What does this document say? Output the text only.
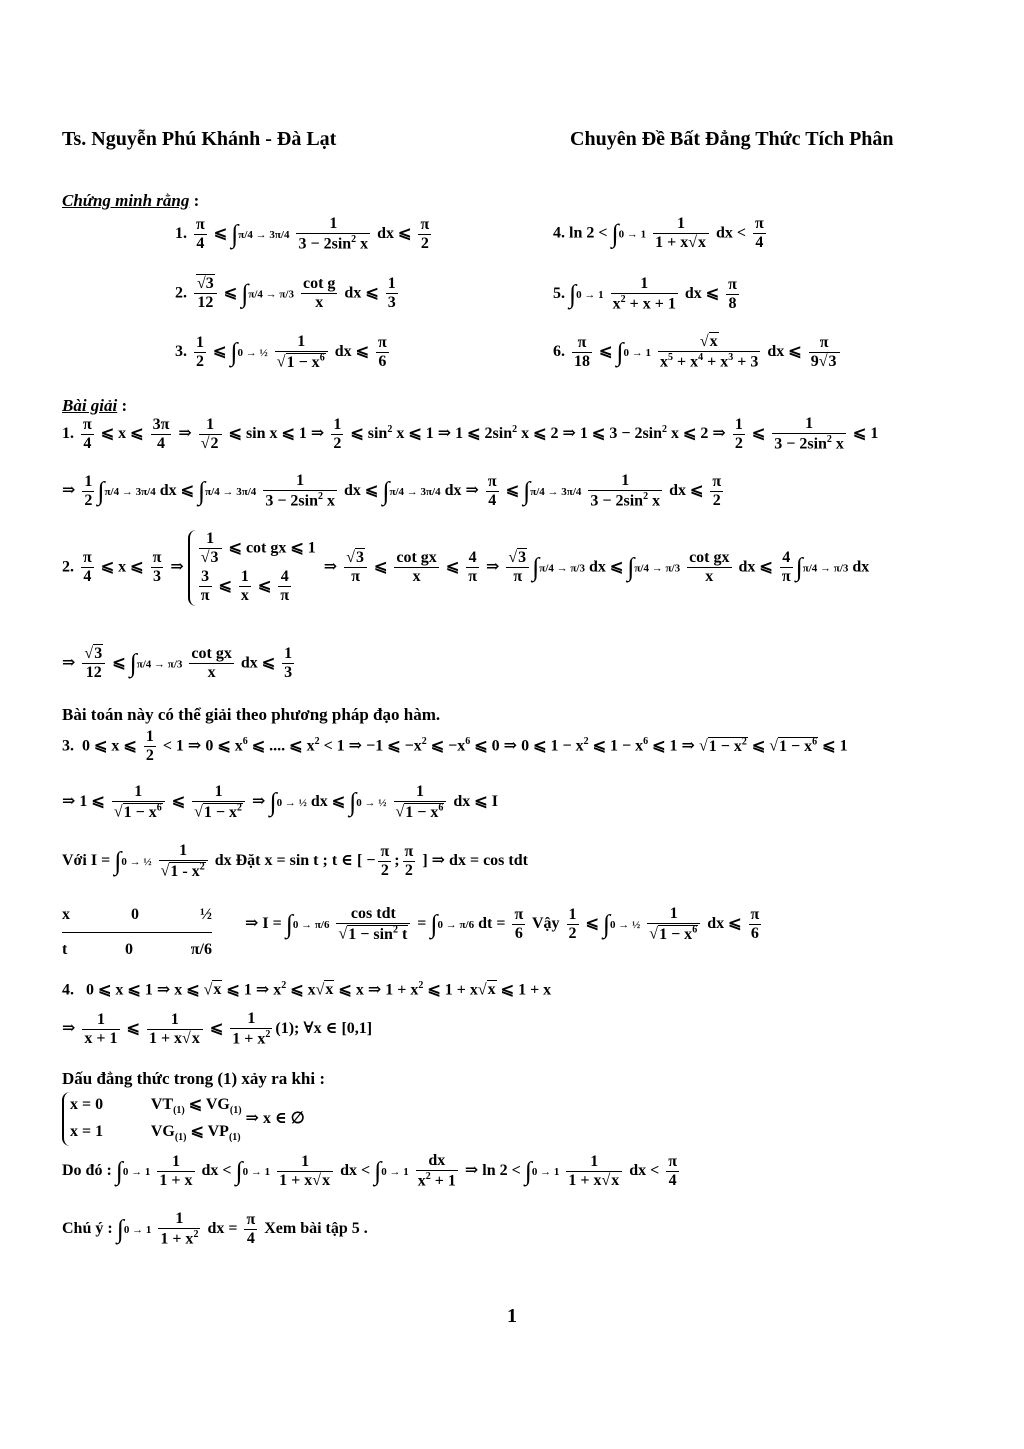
Ts. Nguyễn Phú Khánh - Đà Lạt	Chuyên Đề Bất Đẳng Thức Tích Phân
Chứng minh rằng :
1. $\frac{\pi}{4}$ ⩽ $\int\pi/4 \to 3\pi/4 \frac{1}{3 - 2\sin^2 x}$ dx ⩽ $\frac{\pi}{2}$
2. $\frac{√3}{12}$ ⩽ $\int\pi/4 \to \pi/3 \frac{\text{cot g}}{x}$ dx ⩽ $\frac{1}{3}$
3. $\frac{1}{2}$ ⩽ ∫0 → ½ $\frac{1}{√1 - x^6}$ dx ⩽ $\frac{\pi}{6}$
4. $\ln 2 < \int 0 \to 1 \frac{1}{1 + x√x}$ dx < $\frac{\pi}{4}$
5. $\int 0 \to 1 \frac{1}{x^2 + x + 1}$ dx ⩽ $\frac{\pi}{8}$
6. $\frac{\pi}{18}$ ⩽ $\int 0 \to 1 \frac{√x}{x^5 + x^4 + x^3 + 3}$ dx ⩽ $\frac{\pi}{9√3}$
Bài giải :
1. $\frac{\pi}{4}$ ⩽ x ⩽ $\frac{3\pi}{4}$ ⇒ $\frac{1}{√2}$ ⩽ sin x ⩽ 1 ⇒ $\frac{1}{2}$ ⩽ $\sin^2 x$ ⩽ 1 ⇒ 1 ⩽ $2\sin^2$ x ⩽ 2 ⇒ 1 ⩽ $3 - 2\sin^2$ x ⩽ 2 ⇒ $\frac{1}{2}$ ⩽ $\frac{1}{3 - 2\sin^2 x}$ ⩽ 1
⇒ $\frac{1}{2} \int\pi/4 \to 3\pi/4$ dx ⩽ $\int\pi/4 \to 3\pi/4 \frac{1}{3 - 2\sin^2 x}$ dx ⩽ ∫π/4 → 3π/4 dx ⇒ $\frac{\pi}{4}$ ⩽ $\int\pi/4 \to 3\pi/4 \frac{1}{3 - 2\sin^2 x}$ dx ⩽ $\frac{\pi}{2}$
2. $\frac{\pi}{4}$ ⩽ x ⩽ $\frac{\pi}{3}$ ⇒ $\frac{1}{√3}$ ⩽ cot gx ⩽ 1
$\frac{3}{\pi}$ ⩽ $\frac{1}{x}$ ⩽ $\frac{4}{\pi}$
⇒ $\frac{√3}{\pi}$ ⩽ $\frac{\text{cot gx}}{x}$ ⩽ $\frac{4}{\pi}$ ⇒ $\frac{√3}{\pi} \int\pi/4 \to \pi/3$ dx ⩽ $\int\pi/4 \to \pi/3 \frac{\text{cot gx}}{x}$ dx ⩽ $\frac{4}{\pi} \int\pi/4 \to \pi/3$ dx
⇒ $\frac{√3}{12}$ ⩽ $\int\pi/4 \to \pi/3 \frac{\text{cot gx}}{x}$ dx ⩽ $\frac{1}{3}$
Bài toán này có thể giải theo phương pháp đạo hàm.
3.  0 ⩽ x ⩽ $\frac{1}{2} < 1$ ⇒ 0 ⩽ $x^6$ ⩽ .... ⩽ $x^2 < 1$ ⇒ −1 ⩽ $-x^2$ ⩽ $-x^6$ ⩽ 0 ⇒ 0 ⩽ $1 - x^2$ ⩽ $1 - x^6$ ⩽ 1 ⇒ $√1 - x^2$ ⩽ $√1 - x^6$ ⩽ 1
⇒ 1 ⩽ $\frac{1}{√1 - x^6}$ ⩽ $\frac{1}{√1 - x^2}$ ⇒ ∫0 → ½ dx ⩽ ∫0 → ½ $\frac{1}{√1 - x^6}$ dx ⩽ I
Với I = ∫0 → ½ $\frac{1}{√1 - x^2}$ dx Đặt x = sin t ; t ∈ [ − $\frac{\pi}{2}$ ; $\frac{\pi}{2}$ ] ⇒ dx = cos tdt
x	0	½
t	0	π/6
⇒ $I = \int 0 \to \pi/6 \frac{\text{cos tdt}}{√1 - \sin^2 t} = \int 0 \to \pi/6$ dt = $\frac{\pi}{6}$ Vậy $\frac{1}{2}$ ⩽ ∫0 → ½ $\frac{1}{√1 - x^6}$ dx ⩽ $\frac{\pi}{6}$
4.   0 ⩽ x ⩽ 1 ⇒ x ⩽ √x ⩽ 1 ⇒ $x^2$ ⩽ x√x ⩽ x ⇒ $1 + x^2$ ⩽ 1 + x√x ⩽ 1 + x
⇒ $\frac{1}{x + 1}$ ⩽ $\frac{1}{1 + x√x}$ ⩽ $\frac{1}{1 + x^2} (1)$; ∀x ∈ [0,1]
Dấu đẳng thức trong (1) xảy ra khi :
x = 0            $VT_{(1)}$ ⩽ $VG_{(1)}$
x = 1            $VG_{(1)}$ ⩽ $VP_{(1)}$
⇒ x ∈ ∅
Do đó : $\int 0 \to 1 \frac{1}{1 + x}$ dx < $\int 0 \to 1 \frac{1}{1 + x√x}$ dx < $\int 0 \to 1 \frac{dx}{x^2 + 1}$ ⇒ $\ln 2 < \int 0 \to 1 \frac{1}{1 + x√x}$ dx < $\frac{\pi}{4}$
Chú ý : $\int 0 \to 1 \frac{1}{1 + x^2}$ dx = $\frac{\pi}{4}$ Xem bài tập 5 .
1
